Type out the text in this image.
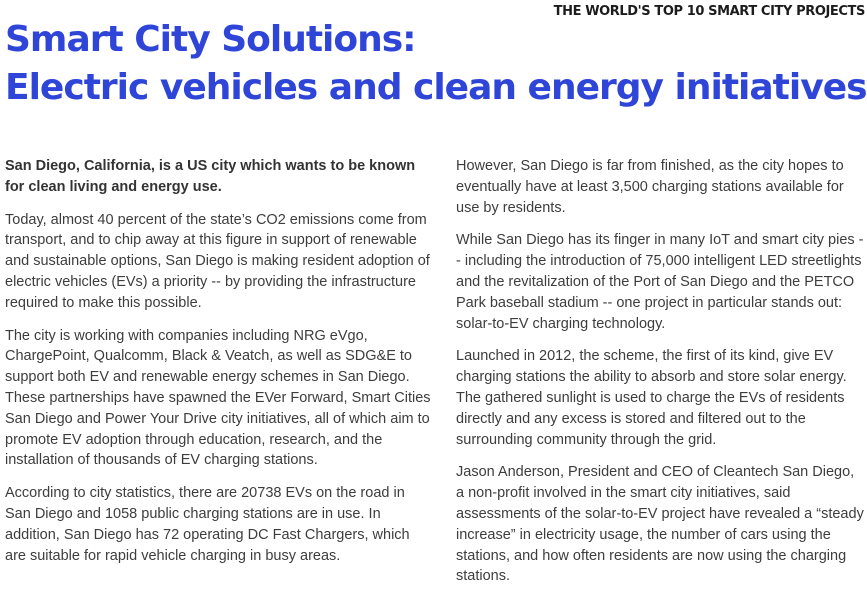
THE WORLD'S TOP 10 SMART CITY PROJECTS
Smart City Solutions:
Electric vehicles and clean energy initiatives

San Diego, California, is a US city which wants to be known for clean living and energy use.

Today, almost 40 percent of the state’s CO2 emissions come from transport, and to chip away at this figure in support of renewable and sustainable options, San Diego is making resident adoption of electric vehicles (EVs) a priority -- by providing the infrastructure required to make this possible.

The city is working with companies including NRG eVgo, ChargePoint, Qualcomm, Black & Veatch, as well as SDG&E to support both EV and renewable energy schemes in San Diego. These partnerships have spawned the EVer Forward, Smart Cities San Diego and Power Your Drive city initiatives, all of which aim to promote EV adoption through education, research, and the installation of thousands of EV charging stations.

According to city statistics, there are 20738 EVs on the road in San Diego and 1058 public charging stations are in use. In addition, San Diego has 72 operating DC Fast Chargers, which are suitable for rapid vehicle charging in busy areas.

However, San Diego is far from finished, as the city hopes to eventually have at least 3,500 charging stations available for use by residents.

While San Diego has its finger in many IoT and smart city pies -- including the introduction of 75,000 intelligent LED streetlights and the revitalization of the Port of San Diego and the PETCO Park baseball stadium -- one project in particular stands out: solar-to-EV charging technology.

Launched in 2012, the scheme, the first of its kind, give EV charging stations the ability to absorb and store solar energy. The gathered sunlight is used to charge the EVs of residents directly and any excess is stored and filtered out to the surrounding community through the grid.

Jason Anderson, President and CEO of Cleantech San Diego, a non-profit involved in the smart city initiatives, said assessments of the solar-to-EV project have revealed a “steady increase” in electricity usage, the number of cars using the stations, and how often residents are now using the charging stations.
